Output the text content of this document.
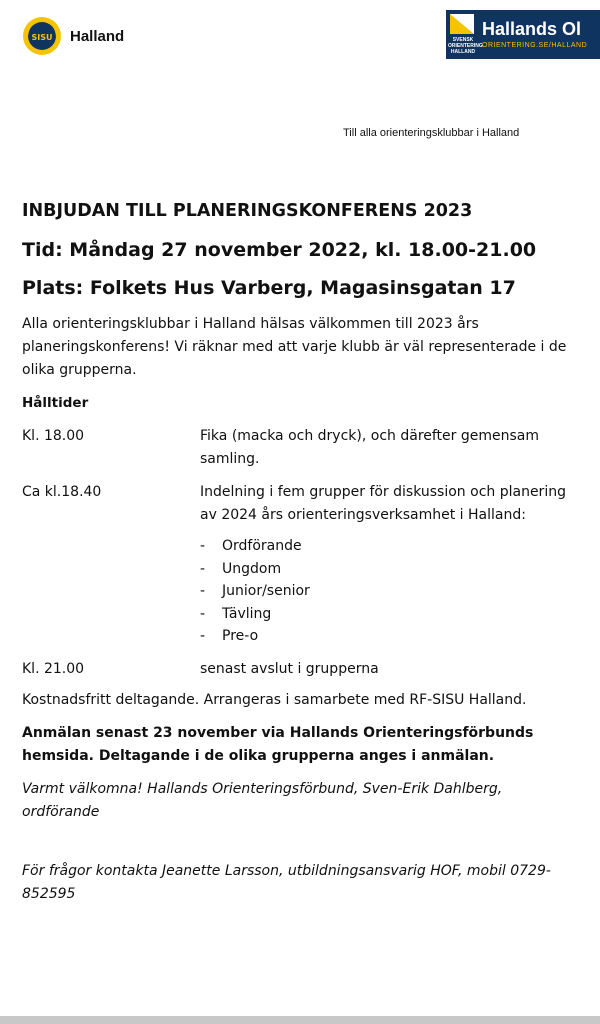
SISU Halland	SVENSK ORIENTERING HALLAND
Hallands Ol
ORIENTERING.SE/HALLAND
Till alla orienteringsklubbar i Halland
INBJUDAN TILL PLANERINGSKONFERENS 2023
Tid: Måndag 27 november 2022, kl. 18.00-21.00
Plats: Folkets Hus Varberg, Magasinsgatan 17

Alla orienteringsklubbar i Halland hälsas välkommen till 2023 års planeringskonferens! Vi räknar med att varje klubb är väl representerade i de olika grupperna.

Hålltider

Kl. 18.00	Fika (macka och dryck), och därefter gemensam samling.
Ca kl.18.40	Indelning i fem grupper för diskussion och planering av 2024 års orienteringsverksamhet i Halland:
-	Ordförande
-	Ungdom
-	Junior/senior
-	Tävling
-	Pre-o
Kl. 21.00	senast avslut i grupperna

Kostnadsfritt deltagande. Arrangeras i samarbete med RF-SISU Halland.

Anmälan senast 23 november via Hallands Orienteringsförbunds hemsida. Deltagande i de olika grupperna anges i anmälan.

Varmt välkomna! Hallands Orienteringsförbund, Sven-Erik Dahlberg, ordförande

För frågor kontakta Jeanette Larsson, utbildningsansvarig HOF, mobil 0729-852595
